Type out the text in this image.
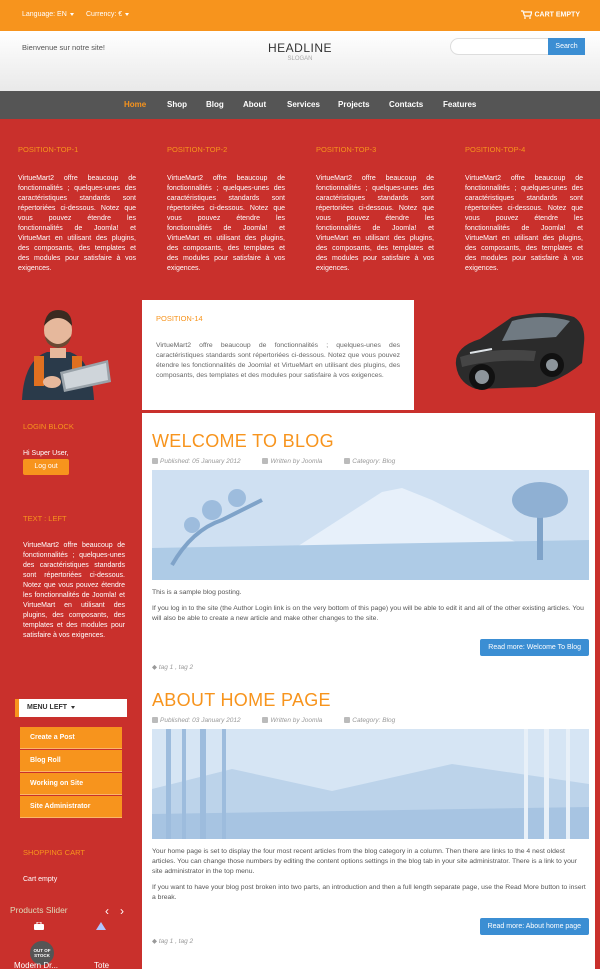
Language: EN	Currency: €	CART EMPTY
Bienvenue sur notre site!	HEADLINE
SLOGAN
Search
Home	Shop Blog About	Services Projects Contacts Features
POSITION-TOP-1

VirtueMart2 offre beaucoup de fonctionnalités ; quelques-unes des caractéristiques standards sont répertoriées ci-dessous. Notez que vous pouvez étendre les fonctionnalités de Joomla! et VirtueMart en utilisant des plugins, des composants, des templates et des modules pour satisfaire à vos exigences.

POSITION-TOP-2

VirtueMart2 offre beaucoup de fonctionnalités ; quelques-unes des caractéristiques standards sont répertoriées ci-dessous. Notez que vous pouvez étendre les fonctionnalités de Joomla! et VirtueMart en utilisant des plugins, des composants, des templates et des modules pour satisfaire à vos exigences.

POSITION-TOP-3

VirtueMart2 offre beaucoup de fonctionnalités ; quelques-unes des caractéristiques standards sont répertoriées ci-dessous. Notez que vous pouvez étendre les fonctionnalités de Joomla! et VirtueMart en utilisant des plugins, des composants, des templates et des modules pour satisfaire à vos exigences.

POSITION-TOP-4

VirtueMart2 offre beaucoup de fonctionnalités ; quelques-unes des caractéristiques standards sont répertoriées ci-dessous. Notez que vous pouvez étendre les fonctionnalités de Joomla! et VirtueMart en utilisant des plugins, des composants, des templates et des modules pour satisfaire à vos exigences.

POSITION-14

VirtueMart2 offre beaucoup de fonctionnalités ; quelques-unes des caractéristiques standards sont répertoriées ci-dessous. Notez que vous pouvez étendre les fonctionnalités de Joomla! et VirtueMart en utilisant des plugins, des composants, des templates et des modules pour satisfaire à vos exigences.

LOGIN BLOCK
Hi Super User,
Log out
TEXT : LEFT
VirtueMart2 offre beaucoup de fonctionnalités ; quelques-unes des caractéristiques standards sont répertoriées ci-dessous. Notez que vous pouvez étendre les fonctionnalités de Joomla! et VirtueMart en utilisant des plugins, des composants, des templates et des modules pour satisfaire à vos exigences.
MENU LEFT
Create a Post
Blog Roll
Working on Site
Site Administrator
SHOPPING CART
Cart empty
Products Slider	‹ ›
OUT OF STOCK
Modern Dr...	Tote
WELCOME TO BLOG
Published: 05 January 2012	Written by Joomla	Category: Blog

This is a sample blog posting.

If you log in to the site (the Author Login link is on the very bottom of this page) you will be able to edit it and all of the other existing articles. You will also be able to create a new article and make other changes to the site.

◆ tag 1 , tag 2
Read more: Welcome To Blog
ABOUT HOME PAGE
Published: 03 January 2012	Written by Joomla	Category: Blog

Your home page is set to display the four most recent articles from the blog category in a column. Then there are links to the 4 nest oldest articles. You can change those numbers by editing the content options settings in the blog tab in your site administrator. There is a link to your site administrator in the top menu.

If you want to have your blog post broken into two parts, an introduction and then a full length separate page, use the Read More button to insert a break.

◆ tag 1 , tag 2
Read more: About home page
